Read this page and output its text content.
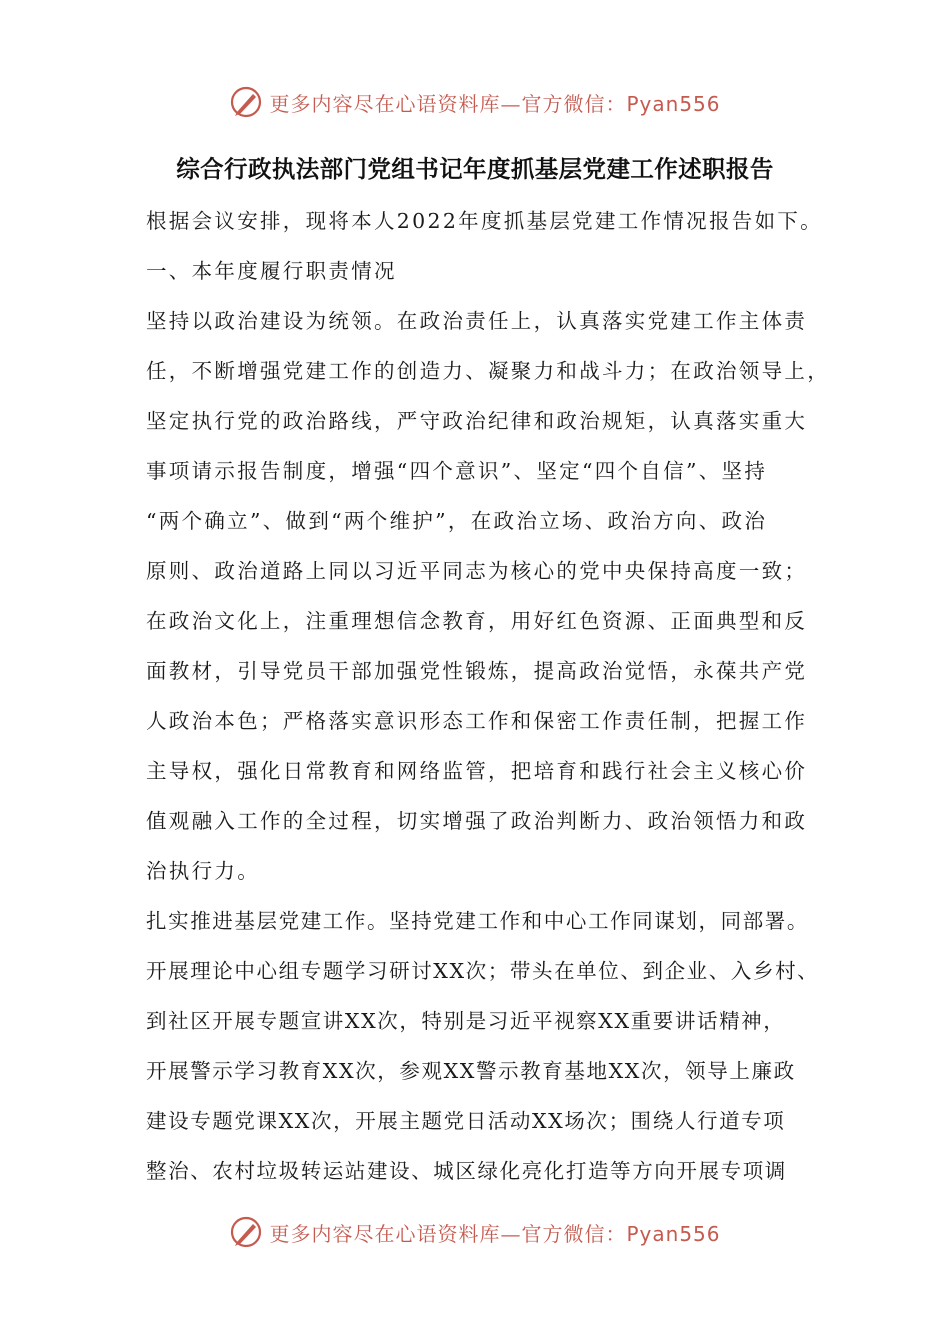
更多内容尽在心语资料库—官方微信：Pyan556
综合行政执法部门党组书记年度抓基层党建工作述职报告
根据会议安排，现将本人2022年度抓基层党建工作情况报告如下。
一、本年度履行职责情况
坚持以政治建设为统领。在政治责任上，认真落实党建工作主体责
任，不断增强党建工作的创造力、凝聚力和战斗力；在政治领导上，
坚定执行党的政治路线，严守政治纪律和政治规矩，认真落实重大
事项请示报告制度，增强“四个意识”、坚定“四个自信”、坚持
“两个确立”、做到“两个维护”，在政治立场、政治方向、政治
原则、政治道路上同以习近平同志为核心的党中央保持高度一致；
在政治文化上，注重理想信念教育，用好红色资源、正面典型和反
面教材，引导党员干部加强党性锻炼，提高政治觉悟，永葆共产党
人政治本色；严格落实意识形态工作和保密工作责任制，把握工作
主导权，强化日常教育和网络监管，把培育和践行社会主义核心价
值观融入工作的全过程，切实增强了政治判断力、政治领悟力和政
治执行力。
扎实推进基层党建工作。坚持党建工作和中心工作同谋划，同部署。
开展理论中心组专题学习研讨XX次；带头在单位、到企业、入乡村、
到社区开展专题宣讲XX次，特别是习近平视察XX重要讲话精神，
开展警示学习教育XX次，参观XX警示教育基地XX次，领导上廉政
建设专题党课XX次，开展主题党日活动XX场次；围绕人行道专项
整治、农村垃圾转运站建设、城区绿化亮化打造等方向开展专项调
更多内容尽在心语资料库—官方微信：Pyan556
